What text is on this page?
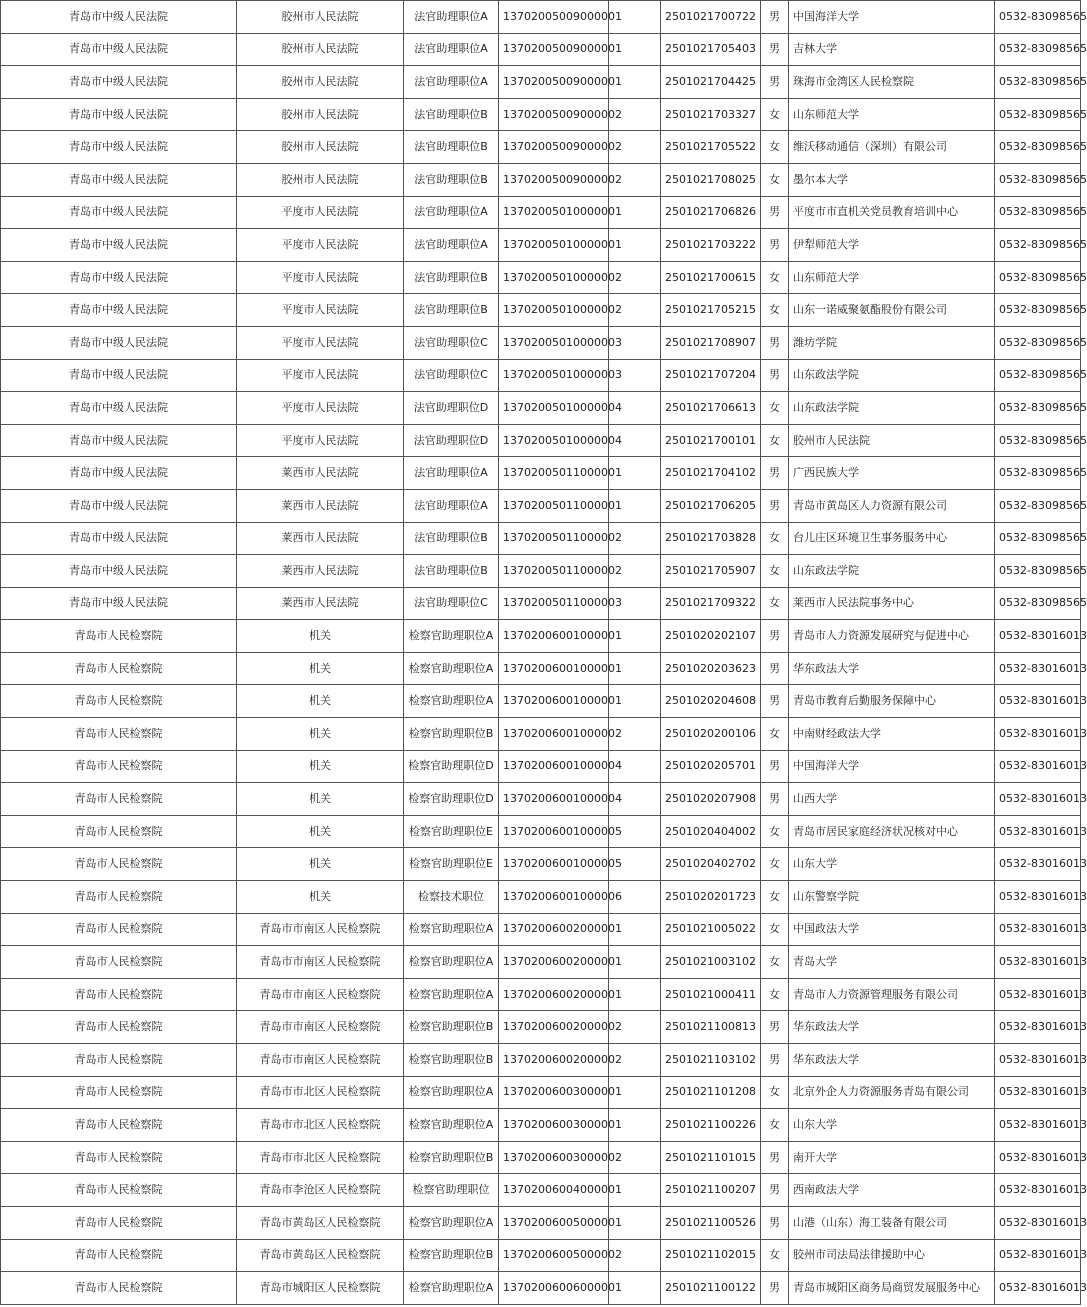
青岛市中级人民法院	胶州市人民法院	法官助理职位A	13702005009000001		2501021700722	男	中国海洋大学	0532-83098565
青岛市中级人民法院	胶州市人民法院	法官助理职位A	13702005009000001		2501021705403	男	吉林大学	0532-83098565
青岛市中级人民法院	胶州市人民法院	法官助理职位A	13702005009000001		2501021704425	男	珠海市金湾区人民检察院	0532-83098565
青岛市中级人民法院	胶州市人民法院	法官助理职位B	13702005009000002		2501021703327	女	山东师范大学	0532-83098565
青岛市中级人民法院	胶州市人民法院	法官助理职位B	13702005009000002		2501021705522	女	维沃移动通信（深圳）有限公司	0532-83098565
青岛市中级人民法院	胶州市人民法院	法官助理职位B	13702005009000002		2501021708025	女	墨尔本大学	0532-83098565
青岛市中级人民法院	平度市人民法院	法官助理职位A	13702005010000001		2501021706826	男	平度市市直机关党员教育培训中心	0532-83098565
青岛市中级人民法院	平度市人民法院	法官助理职位A	13702005010000001		2501021703222	男	伊犁师范大学	0532-83098565
青岛市中级人民法院	平度市人民法院	法官助理职位B	13702005010000002		2501021700615	女	山东师范大学	0532-83098565
青岛市中级人民法院	平度市人民法院	法官助理职位B	13702005010000002		2501021705215	女	山东一诺威聚氨酯股份有限公司	0532-83098565
青岛市中级人民法院	平度市人民法院	法官助理职位C	13702005010000003		2501021708907	男	潍坊学院	0532-83098565
青岛市中级人民法院	平度市人民法院	法官助理职位C	13702005010000003		2501021707204	男	山东政法学院	0532-83098565
青岛市中级人民法院	平度市人民法院	法官助理职位D	13702005010000004		2501021706613	女	山东政法学院	0532-83098565
青岛市中级人民法院	平度市人民法院	法官助理职位D	13702005010000004		2501021700101	女	胶州市人民法院	0532-83098565
青岛市中级人民法院	莱西市人民法院	法官助理职位A	13702005011000001		2501021704102	男	广西民族大学	0532-83098565
青岛市中级人民法院	莱西市人民法院	法官助理职位A	13702005011000001		2501021706205	男	青岛市黄岛区人力资源有限公司	0532-83098565
青岛市中级人民法院	莱西市人民法院	法官助理职位B	13702005011000002		2501021703828	女	台儿庄区环境卫生事务服务中心	0532-83098565
青岛市中级人民法院	莱西市人民法院	法官助理职位B	13702005011000002		2501021705907	女	山东政法学院	0532-83098565
青岛市中级人民法院	莱西市人民法院	法官助理职位C	13702005011000003		2501021709322	女	莱西市人民法院事务中心	0532-83098565
青岛市人民检察院	机关	检察官助理职位A	13702006001000001		2501020202107	男	青岛市人力资源发展研究与促进中心	0532-83016013
青岛市人民检察院	机关	检察官助理职位A	13702006001000001		2501020203623	男	华东政法大学	0532-83016013
青岛市人民检察院	机关	检察官助理职位A	13702006001000001		2501020204608	男	青岛市教育后勤服务保障中心	0532-83016013
青岛市人民检察院	机关	检察官助理职位B	13702006001000002		2501020200106	女	中南财经政法大学	0532-83016013
青岛市人民检察院	机关	检察官助理职位D	13702006001000004		2501020205701	男	中国海洋大学	0532-83016013
青岛市人民检察院	机关	检察官助理职位D	13702006001000004		2501020207908	男	山西大学	0532-83016013
青岛市人民检察院	机关	检察官助理职位E	13702006001000005		2501020404002	女	青岛市居民家庭经济状况核对中心	0532-83016013
青岛市人民检察院	机关	检察官助理职位E	13702006001000005		2501020402702	女	山东大学	0532-83016013
青岛市人民检察院	机关	检察技术职位	13702006001000006		2501020201723	女	山东警察学院	0532-83016013
青岛市人民检察院	青岛市市南区人民检察院	检察官助理职位A	13702006002000001		2501021005022	女	中国政法大学	0532-83016013
青岛市人民检察院	青岛市市南区人民检察院	检察官助理职位A	13702006002000001		2501021003102	女	青岛大学	0532-83016013
青岛市人民检察院	青岛市市南区人民检察院	检察官助理职位A	13702006002000001		2501021000411	女	青岛市人力资源管理服务有限公司	0532-83016013
青岛市人民检察院	青岛市市南区人民检察院	检察官助理职位B	13702006002000002		2501021100813	男	华东政法大学	0532-83016013
青岛市人民检察院	青岛市市南区人民检察院	检察官助理职位B	13702006002000002		2501021103102	男	华东政法大学	0532-83016013
青岛市人民检察院	青岛市市北区人民检察院	检察官助理职位A	13702006003000001		2501021101208	女	北京外企人力资源服务青岛有限公司	0532-83016013
青岛市人民检察院	青岛市市北区人民检察院	检察官助理职位A	13702006003000001		2501021100226	女	山东大学	0532-83016013
青岛市人民检察院	青岛市市北区人民检察院	检察官助理职位B	13702006003000002		2501021101015	男	南开大学	0532-83016013
青岛市人民检察院	青岛市李沧区人民检察院	检察官助理职位	13702006004000001		2501021100207	男	西南政法大学	0532-83016013
青岛市人民检察院	青岛市黄岛区人民检察院	检察官助理职位A	13702006005000001		2501021100526	男	山港（山东）海工装备有限公司	0532-83016013
青岛市人民检察院	青岛市黄岛区人民检察院	检察官助理职位B	13702006005000002		2501021102015	女	胶州市司法局法律援助中心	0532-83016013
青岛市人民检察院	青岛市城阳区人民检察院	检察官助理职位A	13702006006000001		2501021100122	男	青岛市城阳区商务局商贸发展服务中心	0532-83016013
